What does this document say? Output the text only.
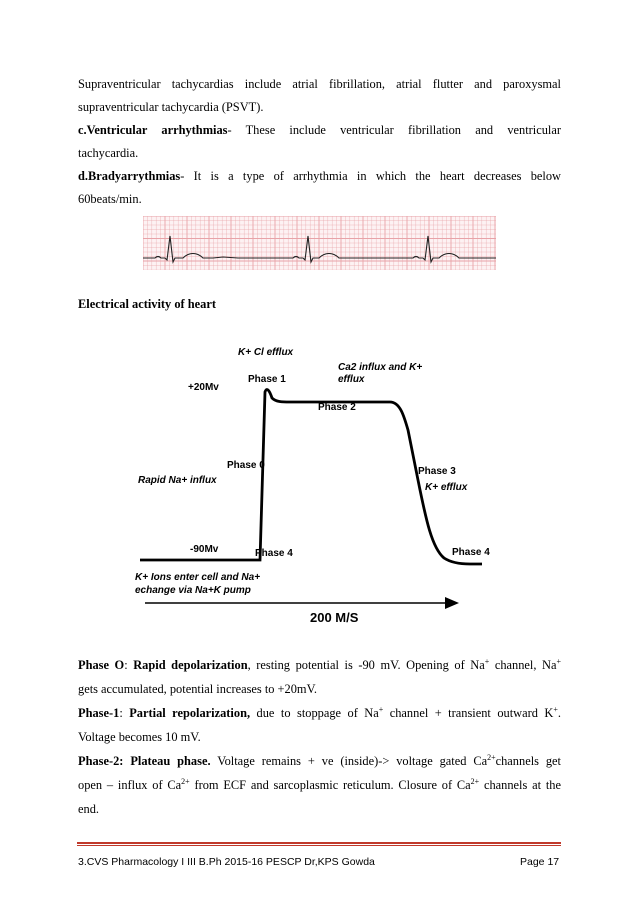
Supraventricular tachycardias include atrial fibrillation, atrial flutter and paroxysmal
supraventricular tachycardia (PSVT).
c.Ventricular arrhythmias- These include ventricular fibrillation and ventricular
tachycardia.
d.Bradyarrythmias- It is a type of arrhythmia in which the heart decreases below
60beats/min.
Electrical activity of heart
K+ Cl efflux
Ca2 influx and K+
efflux
+20Mv
Phase 1
Phase 2
Phase 0
Rapid Na+ influx
Phase 3
K+ efflux
-90Mv	Phase 4	Phase 4
K+ Ions enter cell and Na+
echange via Na+K pump
200 M/S
Phase O: Rapid depolarization, resting potential is -90 mV. Opening of Na+ channel, Na+
gets accumulated, potential increases to +20mV.
Phase-1: Partial repolarization, due to stoppage of Na+ channel + transient outward K+.
Voltage becomes 10 mV.
Phase-2: Plateau phase. Voltage remains + ve (inside)-> voltage gated $Ca^{2+}channels$ get
open – influx of $Ca^{2+}$ from ECF and sarcoplasmic reticulum. Closure of $Ca^{2+}$ channels at the
end.
3.CVS Pharmacology I III B.Ph 2015-16 PESCP Dr,KPS Gowda	Page 17
